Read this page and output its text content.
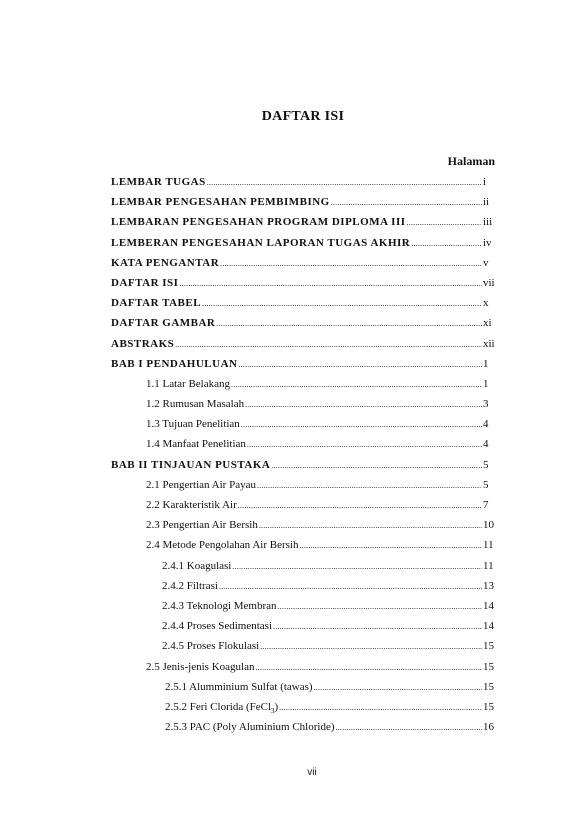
DAFTAR ISI
Halaman
LEMBAR TUGAS .....	i
LEMBAR PENGESAHAN PEMBIMBING .....	ii
LEMBARAN PENGESAHAN PROGRAM DIPLOMA III .....	iii
LEMBERAN PENGESAHAN LAPORAN TUGAS AKHIR .....	iv
KATA PENGANTAR .....	v
DAFTAR ISI .....	vii
DAFTAR TABEL .....	x
DAFTAR GAMBAR .....	xi
ABSTRAKS .....	xii
BAB I PENDAHULUAN .....	1
1.1 Latar Belakang .....	1
1.2 Rumusan Masalah .....	3
1.3 Tujuan Penelitian .....	4
1.4 Manfaat Penelitian .....	4
BAB II TINJAUAN PUSTAKA .....	5
2.1 Pengertian Air Payau .....	5
2.2 Karakteristik Air .....	7
2.3 Pengertian Air Bersih .....	10
2.4 Metode Pengolahan Air Bersih .....	11
2.4.1 Koagulasi .....	11
2.4.2 Filtrasi .....	13
2.4.3 Teknologi Membran .....	14
2.4.4 Proses Sedimentasi .....	14
2.4.5 Proses Flokulasi .....	15
2.5 Jenis-jenis Koagulan .....	15
2.5.1 Alumminium Sulfat (tawas) .....	15
2.5.2 Feri Clorida (FeCl$_3$) .....	15
2.5.3 PAC (Poly Aluminium Chloride) .....	16
vii
